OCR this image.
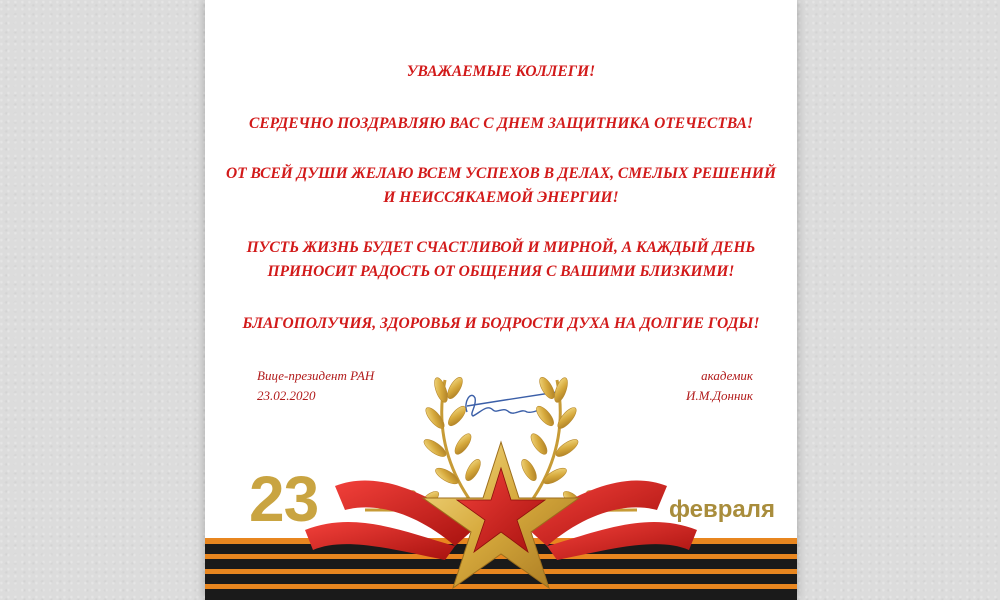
УВАЖАЕМЫЕ КОЛЛЕГИ!
СЕРДЕЧНО ПОЗДРАВЛЯЮ ВАС С ДНЕМ ЗАЩИТНИКА ОТЕЧЕСТВА!
ОТ ВСЕЙ ДУШИ ЖЕЛАЮ ВСЕМ УСПЕХОВ В ДЕЛАХ, СМЕЛЫХ РЕШЕНИЙ
И НЕИССЯКАЕМОЙ ЭНЕРГИИ!
ПУСТЬ ЖИЗНЬ БУДЕТ СЧАСТЛИВОЙ И МИРНОЙ, А КАЖДЫЙ ДЕНЬ
ПРИНОСИТ РАДОСТЬ ОТ ОБЩЕНИЯ С ВАШИМИ БЛИЗКИМИ!
БЛАГОПОЛУЧИЯ, ЗДОРОВЬЯ И БОДРОСТИ ДУХА НА ДОЛГИЕ ГОДЫ!
Вице-президент РАН
23.02.2020
академик
И.М.Донник
23	февраля
